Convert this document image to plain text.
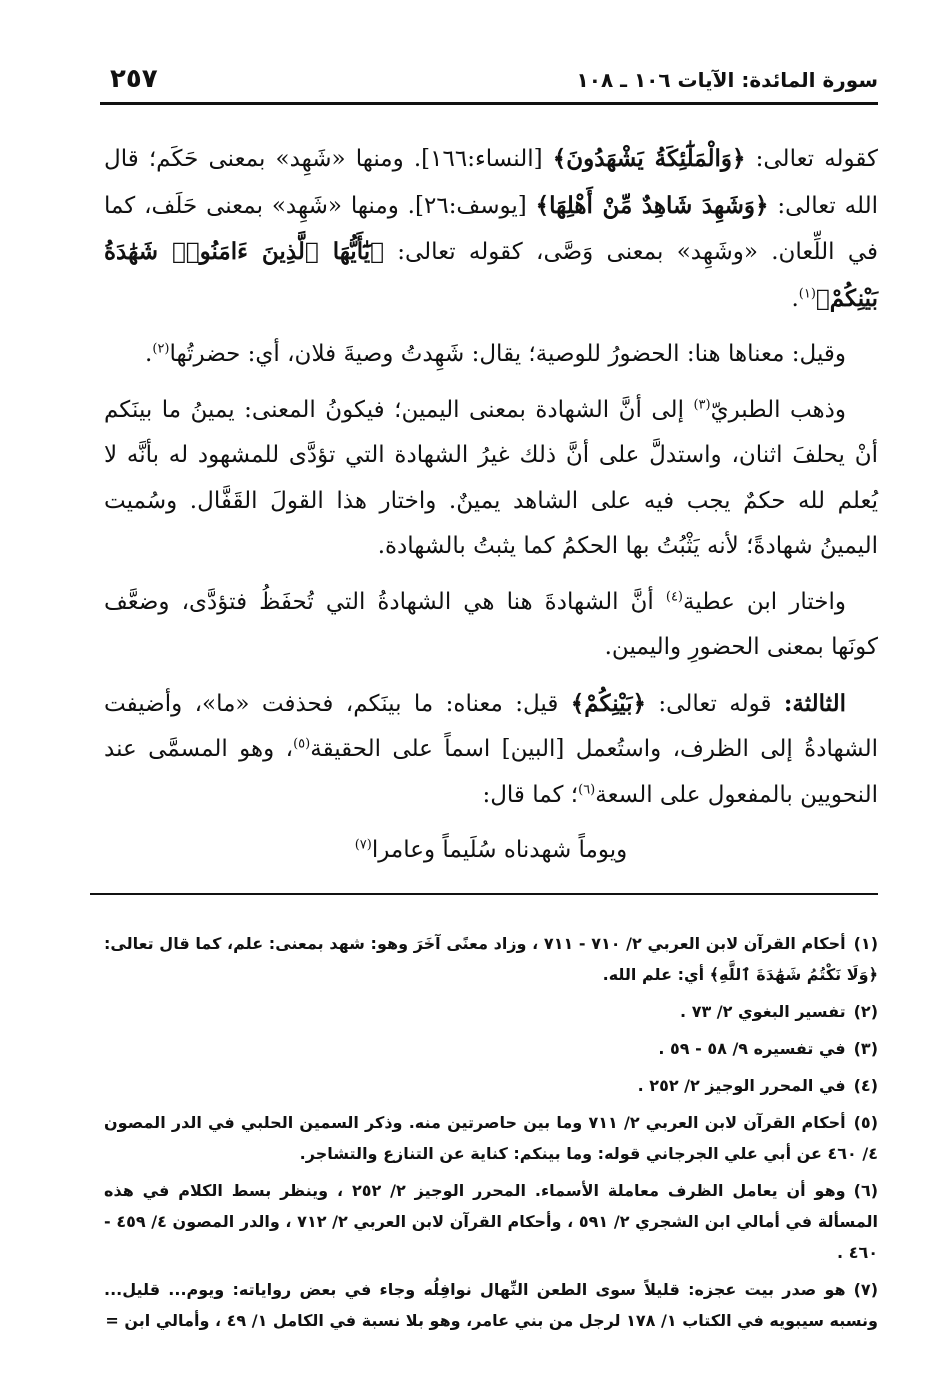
٢٥٧	سورة المائدة: الآيات ١٠٦ ـ ١٠٨

كقوله تعالى: ﴿وَالْمَلَٰٓئِكَةُ يَشْهَدُونَ﴾ [النساء:١٦٦]. ومنها «شَهِد» بمعنى حَكَم؛ قال الله تعالى: ﴿وَشَهِدَ شَاهِدٌ مِّنْ أَهْلِهَا﴾ [يوسف:٢٦]. ومنها «شَهِد» بمعنى حَلَف، كما في اللِّعان. «وشَهِد» بمعنى وَصَّى، كقوله تعالى: ﴿يَٰٓأَيُّهَا ٱلَّذِينَ ءَامَنُوا۟ شَهَٰدَةُ بَيْنِكُمْ﴾$^{(١)}$.

وقيل: معناها هنا: الحضورُ للوصية؛ يقال: شَهِدتُ وصيةَ فلان، أي: حضرتُها$^{(٢)}$.

وذهب الطبريّ$^{(٣)}$ إلى أنَّ الشهادة بمعنى اليمين؛ فيكونُ المعنى: يمينُ ما بينَكم أنْ يحلفَ اثنان، واستدلَّ على أنَّ ذلك غيرُ الشهادة التي تؤدَّى للمشهود له بأنَّه لا يُعلم لله حكمٌ يجب فيه على الشاهد يمينٌ. واختار هذا القولَ القَفَّال. وسُميت اليمينُ شهادةً؛ لأنه يَثْبُتُ بها الحكمُ كما يثبتُ بالشهادة.

واختار ابن عطية$^{(٤)}$ أنَّ الشهادةَ هنا هي الشهادةُ التي تُحفَظُ فتؤدَّى، وضعَّف كونَها بمعنى الحضورِ واليمين.

الثالثة: قوله تعالى: ﴿بَيْنِكُمْ﴾ قيل: معناه: ما بينَكم، فحذفت «ما»، وأضيفت الشهادةُ إلى الظرف، واستُعمل [البين] اسماً على الحقيقة$^{(٥)}$، وهو المسمَّى عند النحويين بالمفعول على السعة$^{(٦)}$؛ كما قال:

ويوماً شهدناه سُلَيماً وعامرا$^{(٧)}$

(١)أحكام القرآن لابن العربي ٢/ ٧١٠ - ٧١١ ، وزاد معنًى آخَرَ وهو: شهد بمعنى: علم، كما قال تعالى: ﴿وَلَا نَكْتُمُ شَهَٰدَةَ ٱللَّهِ﴾ أي: علم الله.

(٢)تفسير البغوي ٢/ ٧٣ .

(٣)في تفسيره ٩/ ٥٨ - ٥٩ .

(٤)في المحرر الوجيز ٢/ ٢٥٢ .

(٥)أحكام القرآن لابن العربي ٢/ ٧١١ وما بين حاصرتين منه. وذكر السمين الحلبي في الدر المصون ٤/ ٤٦٠ عن أبي علي الجرجاني قوله: وما بينكم: كناية عن التنازع والتشاجر.

(٦)وهو أن يعامل الظرف معاملة الأسماء. المحرر الوجيز ٢/ ٢٥٢ ، وينظر بسط الكلام في هذه المسألة في أمالي ابن الشجري ٢/ ٥٩١ ، وأحكام القرآن لابن العربي ٢/ ٧١٢ ، والدر المصون ٤/ ٤٥٩ - ٤٦٠ .

(٧)هو صدر بيت عجزه: قليلاً سوى الطعن النِّهال نوافِلُه وجاء في بعض رواياته: ويوم... قليل... ونسبه سيبويه في الكتاب ١/ ١٧٨ لرجل من بني عامر، وهو بلا نسبة في الكامل ١/ ٤٩ ، وأمالي ابن =
